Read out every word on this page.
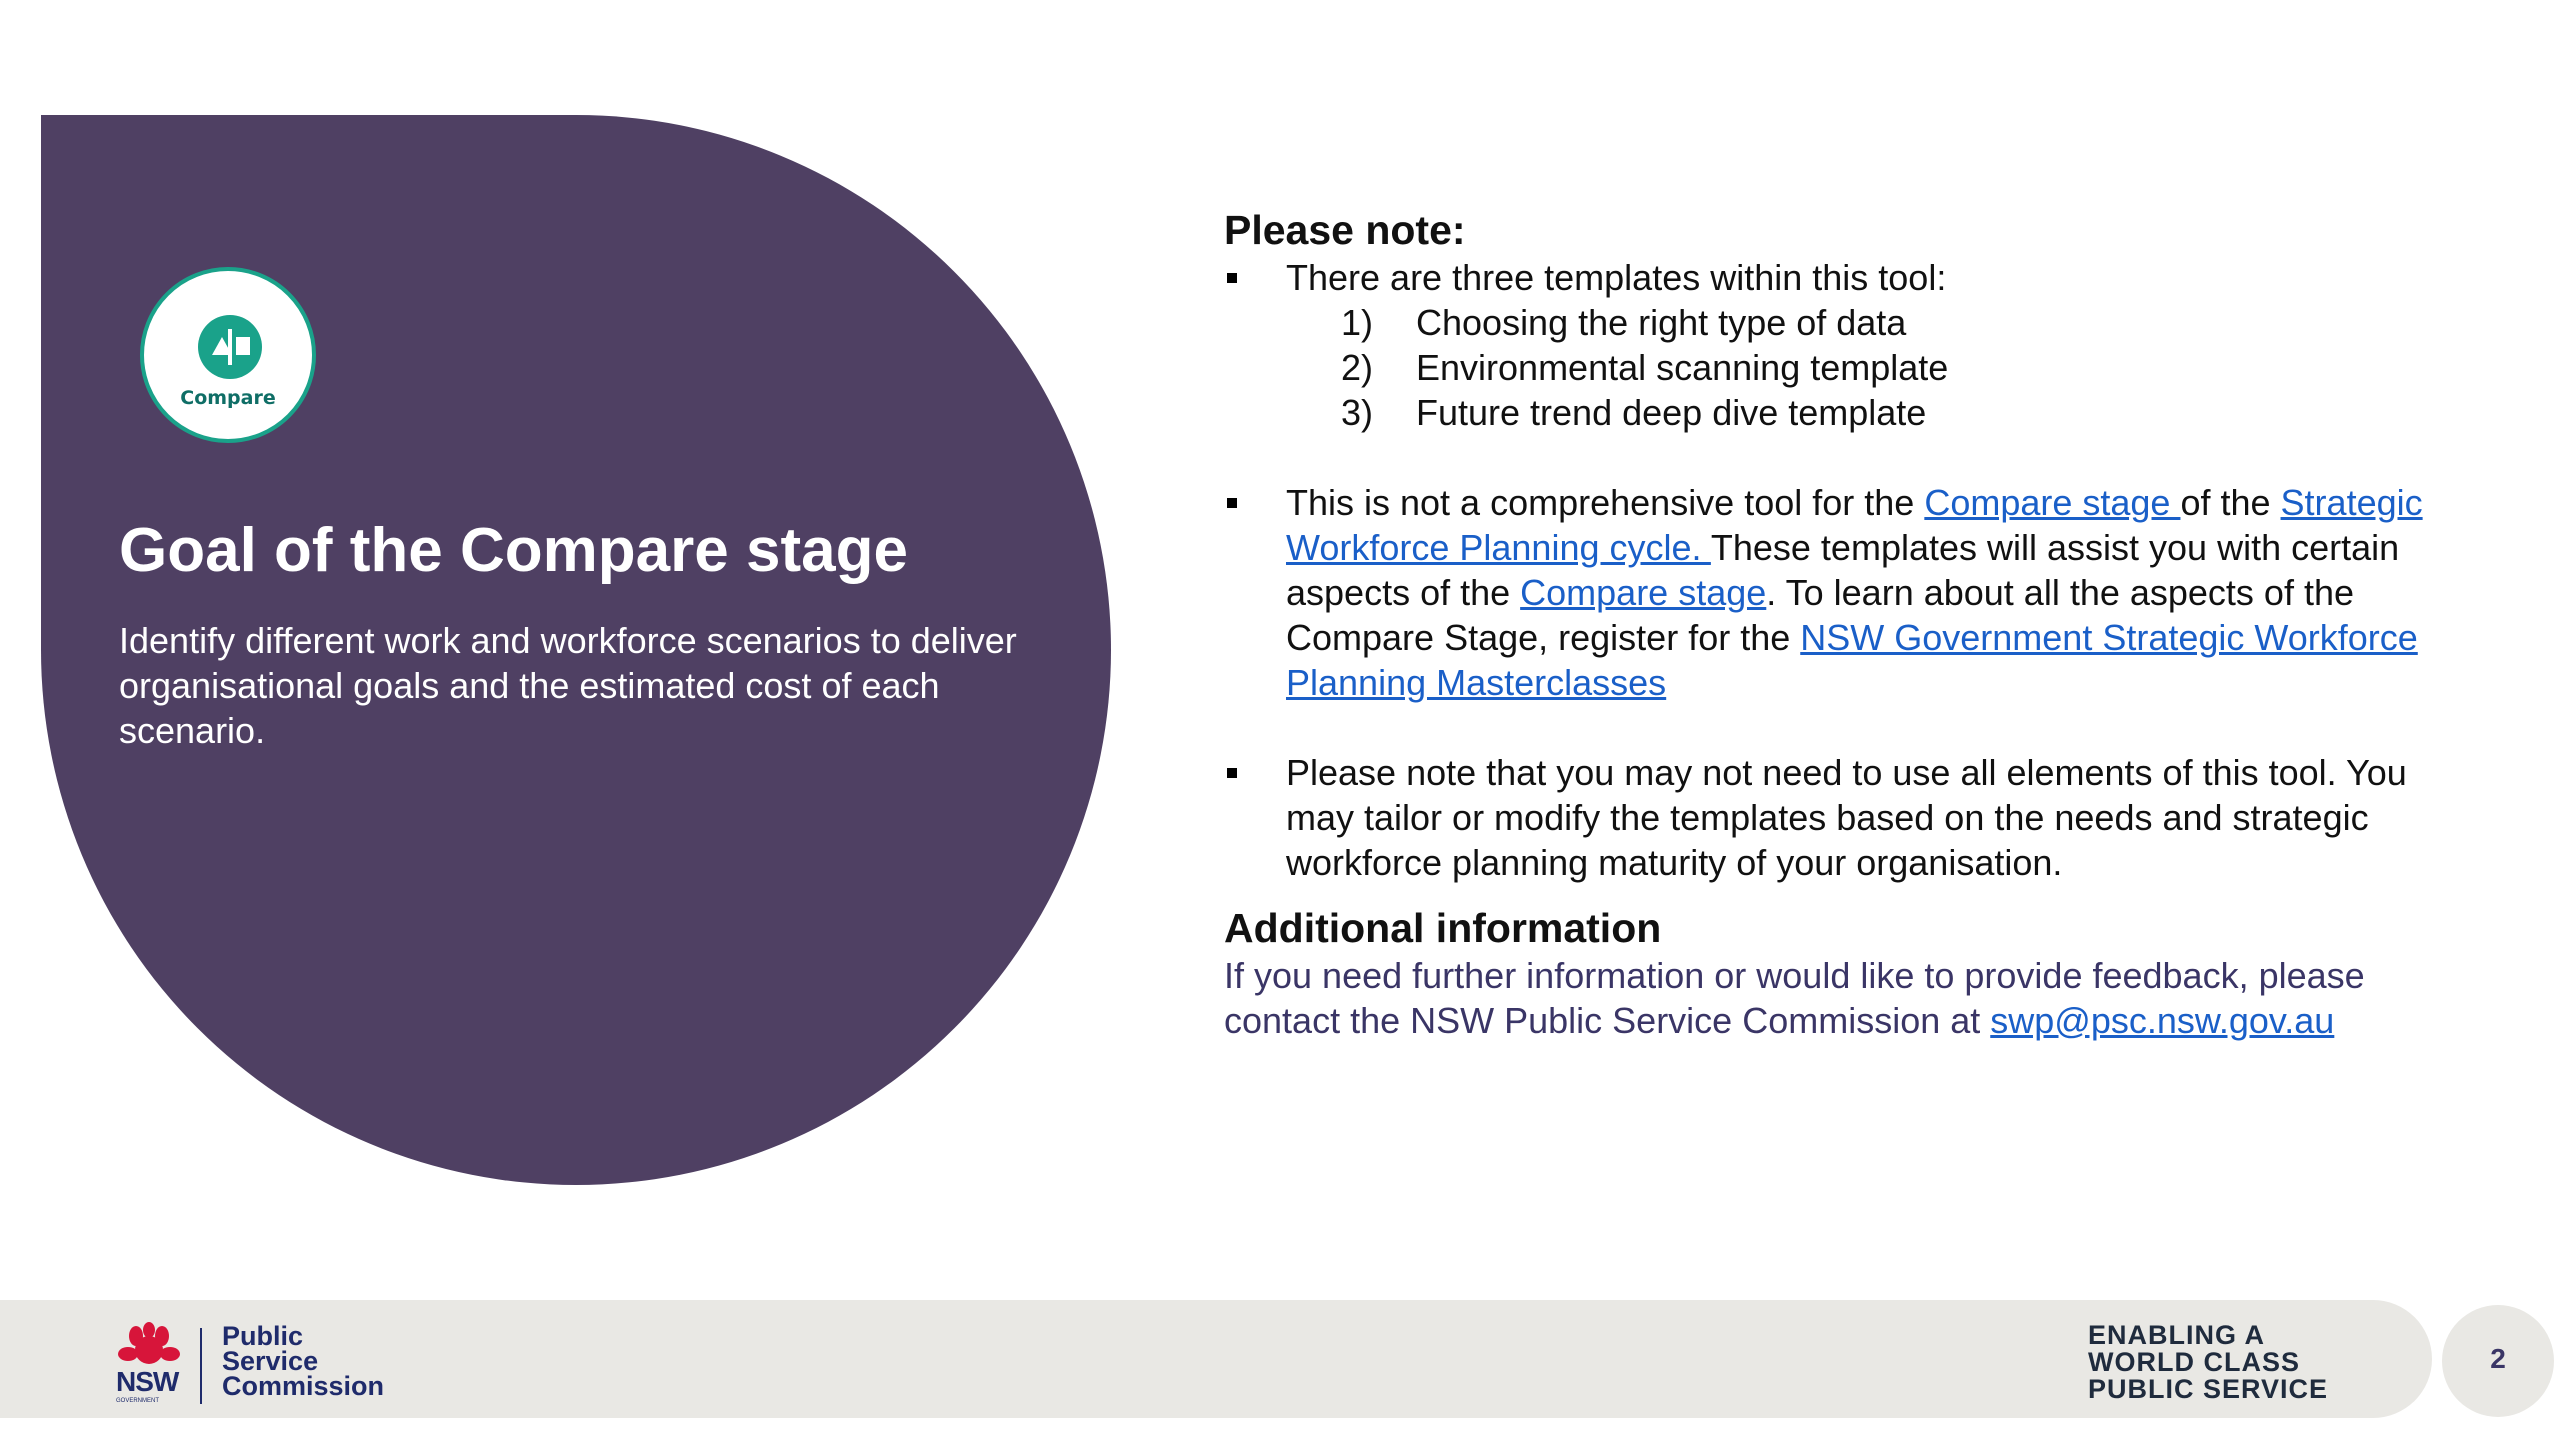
Compare
Goal of the Compare stage
Identify different work and workforce scenarios to deliver organisational goals and the estimated cost of each scenario.
Please note:
There are three templates within this tool:
1) Choosing the right type of data
2) Environmental scanning template
3) Future trend deep dive template
This is not a comprehensive tool for the Compare stage of the Strategic Workforce Planning cycle. These templates will assist you with certain aspects of the Compare stage. To learn about all the aspects of the Compare Stage, register for the NSW Government Strategic Workforce Planning Masterclasses
Please note that you may not need to use all elements of this tool. You may tailor or modify the templates based on the needs and strategic workforce planning maturity of your organisation.
Additional information
If you need further information or would like to provide feedback, please contact the NSW Public Service Commission at swp@psc.nsw.gov.au
NSW
GOVERNMENT
Public
Service
Commission
ENABLING A
WORLD CLASS
PUBLIC SERVICE
2
